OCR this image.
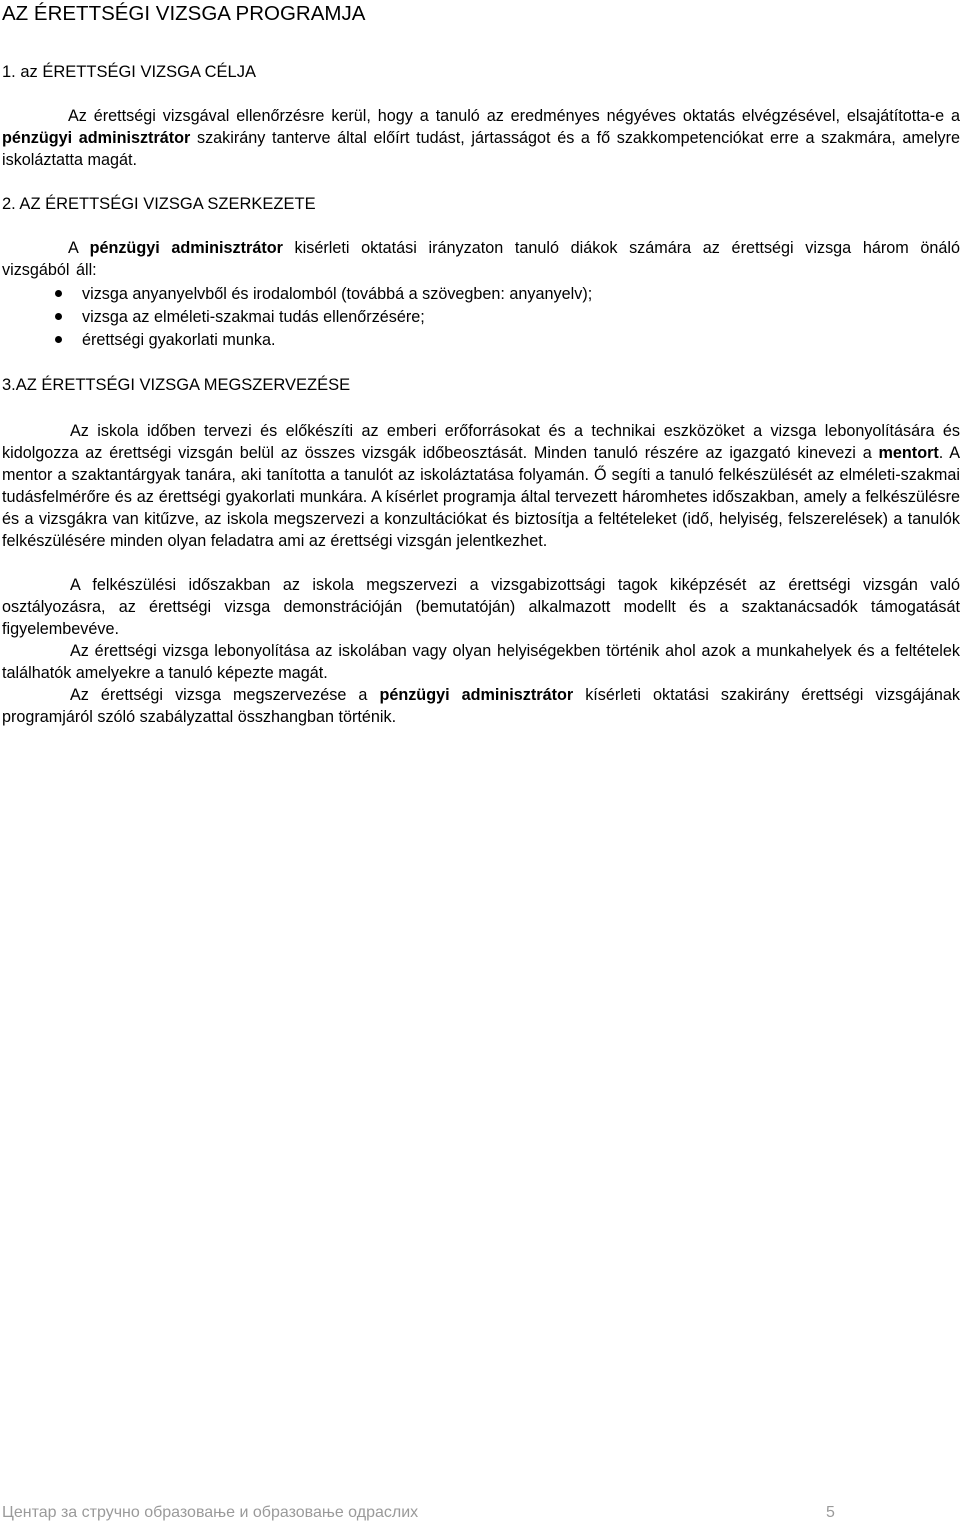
AZ ÉRETTSÉGI VIZSGA PROGRAMJA
1. az ÉRETTSÉGI VIZSGA CÉLJA

Az érettségi vizsgával ellenőrzésre kerül, hogy a tanuló az eredményes négyéves oktatás elvégzésével, elsajátította-e a pénzügyi adminisztrátor szakirány tanterve által előírt tudást, jártasságot és a fő szakkompetenciókat erre a szakmára, amelyre iskoláztatta magát.

2. AZ ÉRETTSÉGI VIZSGA SZERKEZETE

A pénzügyi adminisztrátor kisérleti oktatási irányzaton tanuló diákok számára az érettségi vizsga három önáló vizsgából áll:

vizsga anyanyelvből és irodalomból (továbbá a szövegben: anyanyelv);
vizsga az elméleti-szakmai tudás ellenőrzésére;
érettségi gyakorlati munka.
3.AZ ÉRETTSÉGI VIZSGA MEGSZERVEZÉSE

Az iskola időben tervezi és előkészíti az emberi erőforrásokat és a technikai eszközöket a vizsga lebonyolítására és kidolgozza az érettségi vizsgán belül az összes vizsgák időbeosztását. Minden tanuló részére az igazgató kinevezi a mentort. A mentor a szaktantárgyak tanára, aki tanította a tanulót az iskoláztatása folyamán. Ő segíti a tanuló felkészülését az elméleti-szakmai tudásfelmérőre és az érettségi gyakorlati munkára. A kísérlet programja által tervezett háromhetes időszakban, amely a felkészülésre és a vizsgákra van kitűzve, az iskola megszervezi a konzultációkat és biztosítja a feltételeket (idő, helyiség, felszerelések) a tanulók felkészülésére minden olyan feladatra ami az érettségi vizsgán jelentkezhet.

A felkészülési időszakban az iskola megszervezi a vizsgabizottsági tagok kiképzését az érettségi vizsgán való osztályozásra, az érettségi vizsga demonstrációján (bemutatóján) alkalmazott modellt és a szaktanácsadók támogatását figyelembevéve.

Az érettségi vizsga lebonyolítása az iskolában vagy olyan helyiségekben történik ahol azok a munkahelyek és a feltételek találhatók amelyekre a tanuló képezte magát.

Az érettségi vizsga megszervezése a pénzügyi adminisztrátor kísérleti oktatási szakirány érettségi vizsgájának programjáról szóló szabályzattal összhangban történik.

Центар за стручно образовање и образовање одраслих	5
